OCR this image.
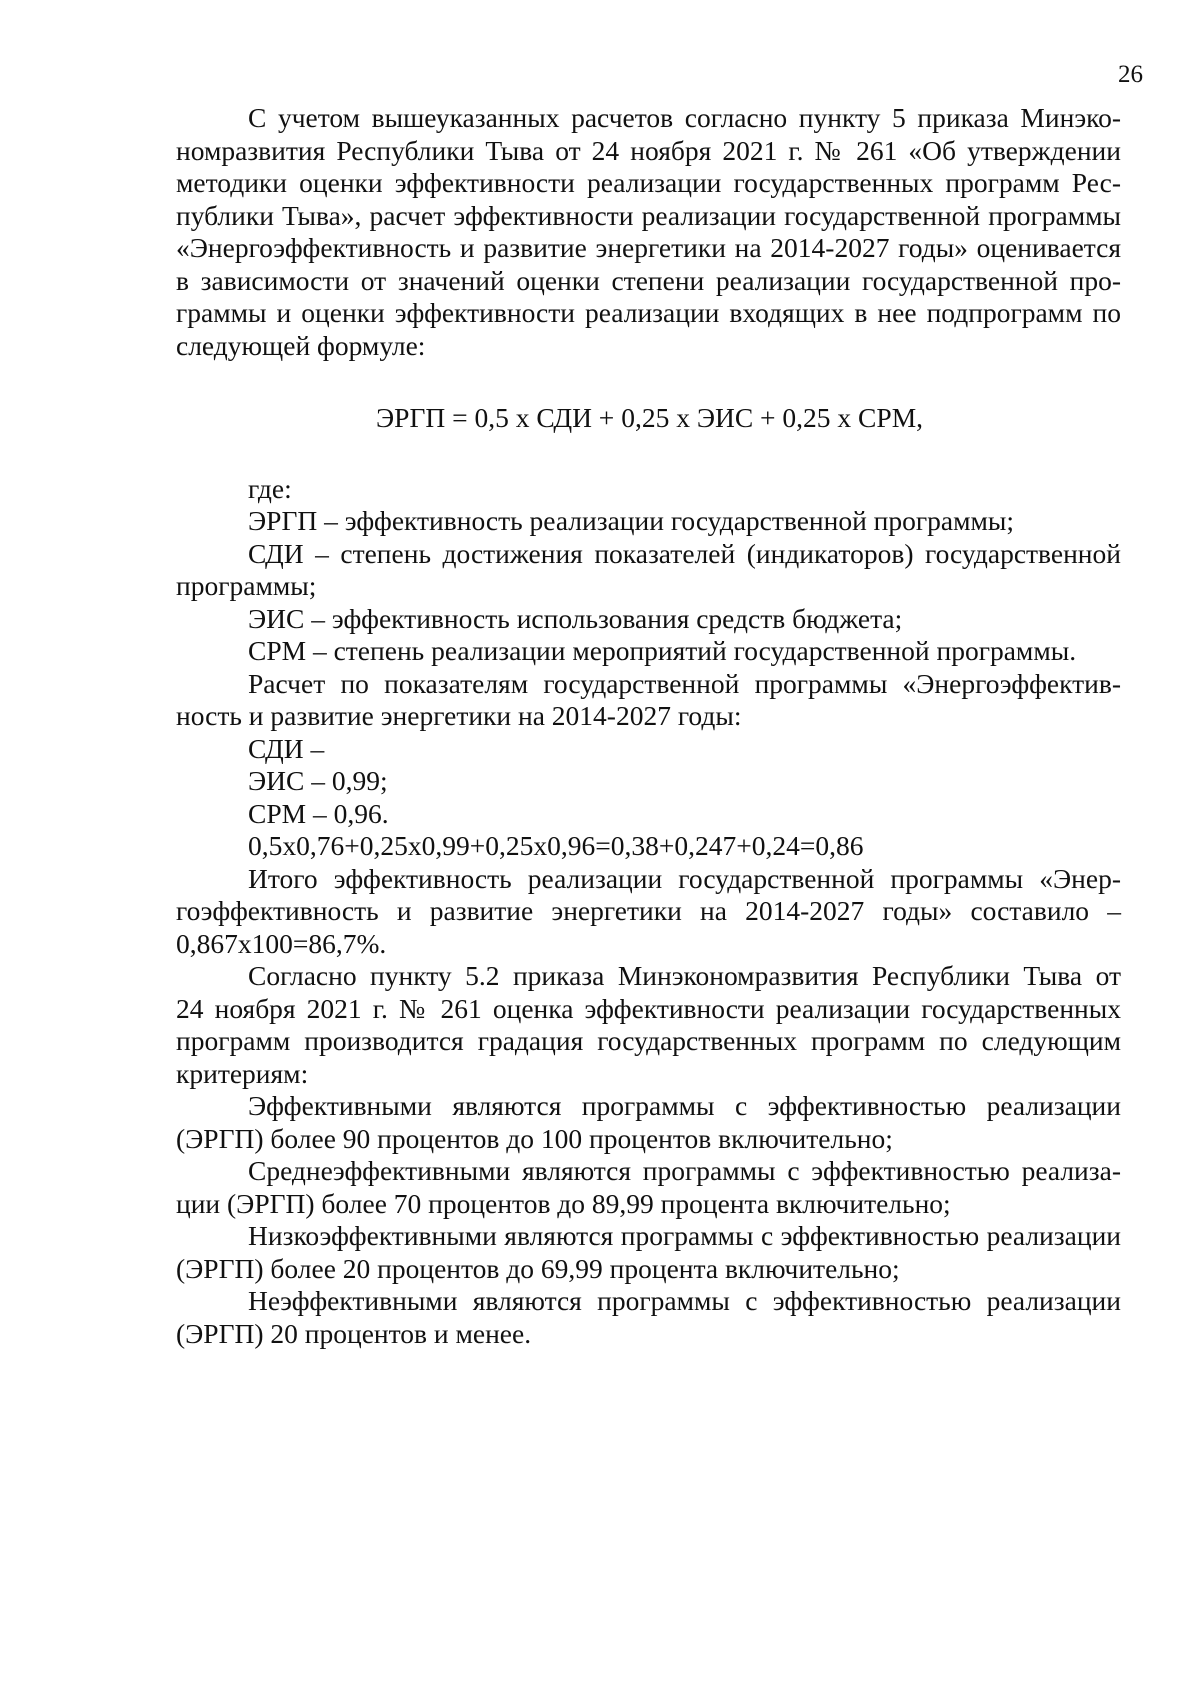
26

С учетом вышеуказанных расчетов согласно пункту 5 приказа Минэко-

номразвития Республики Тыва от 24 ноября 2021 г. № 261 «Об утверждении

методики оценки эффективности реализации государственных программ Рес-

публики Тыва», расчет эффективности реализации государственной программы

«Энергоэффективность и развитие энергетики на 2014-2027 годы» оценивается

в зависимости от значений оценки степени реализации государственной про-

граммы и оценки эффективности реализации входящих в нее подпрограмм по

следующей формуле:

ЭРГП = 0,5 х СДИ + 0,25 х ЭИС + 0,25 х СРМ,

где:

ЭРГП – эффективность реализации государственной программы;

СДИ – степень достижения показателей (индикаторов) государственной

программы;

ЭИС – эффективность использования средств бюджета;

СРМ – степень реализации мероприятий государственной программы.

Расчет по показателям государственной программы «Энергоэффектив-

ность и развитие энергетики на 2014-2027 годы:

СДИ –

ЭИС – 0,99;

СРМ – 0,96.

0,5х0,76+0,25х0,99+0,25х0,96=0,38+0,247+0,24=0,86

Итого эффективность реализации государственной программы «Энер-

гоэффективность и развитие энергетики на 2014-2027 годы» составило –

0,867х100=86,7%.

Согласно пункту 5.2 приказа Минэкономразвития Республики Тыва от

24 ноября 2021 г. № 261 оценка эффективности реализации государственных

программ производится градация государственных программ по следующим

критериям:

Эффективными являются программы с эффективностью реализации

(ЭРГП) более 90 процентов до 100 процентов включительно;

Среднеэффективными являются программы с эффективностью реализа-

ции (ЭРГП) более 70 процентов до 89,99 процента включительно;

Низкоэффективными являются программы с эффективностью реализации

(ЭРГП) более 20 процентов до 69,99 процента включительно;

Неэффективными являются программы с эффективностью реализации

(ЭРГП) 20 процентов и менее.
